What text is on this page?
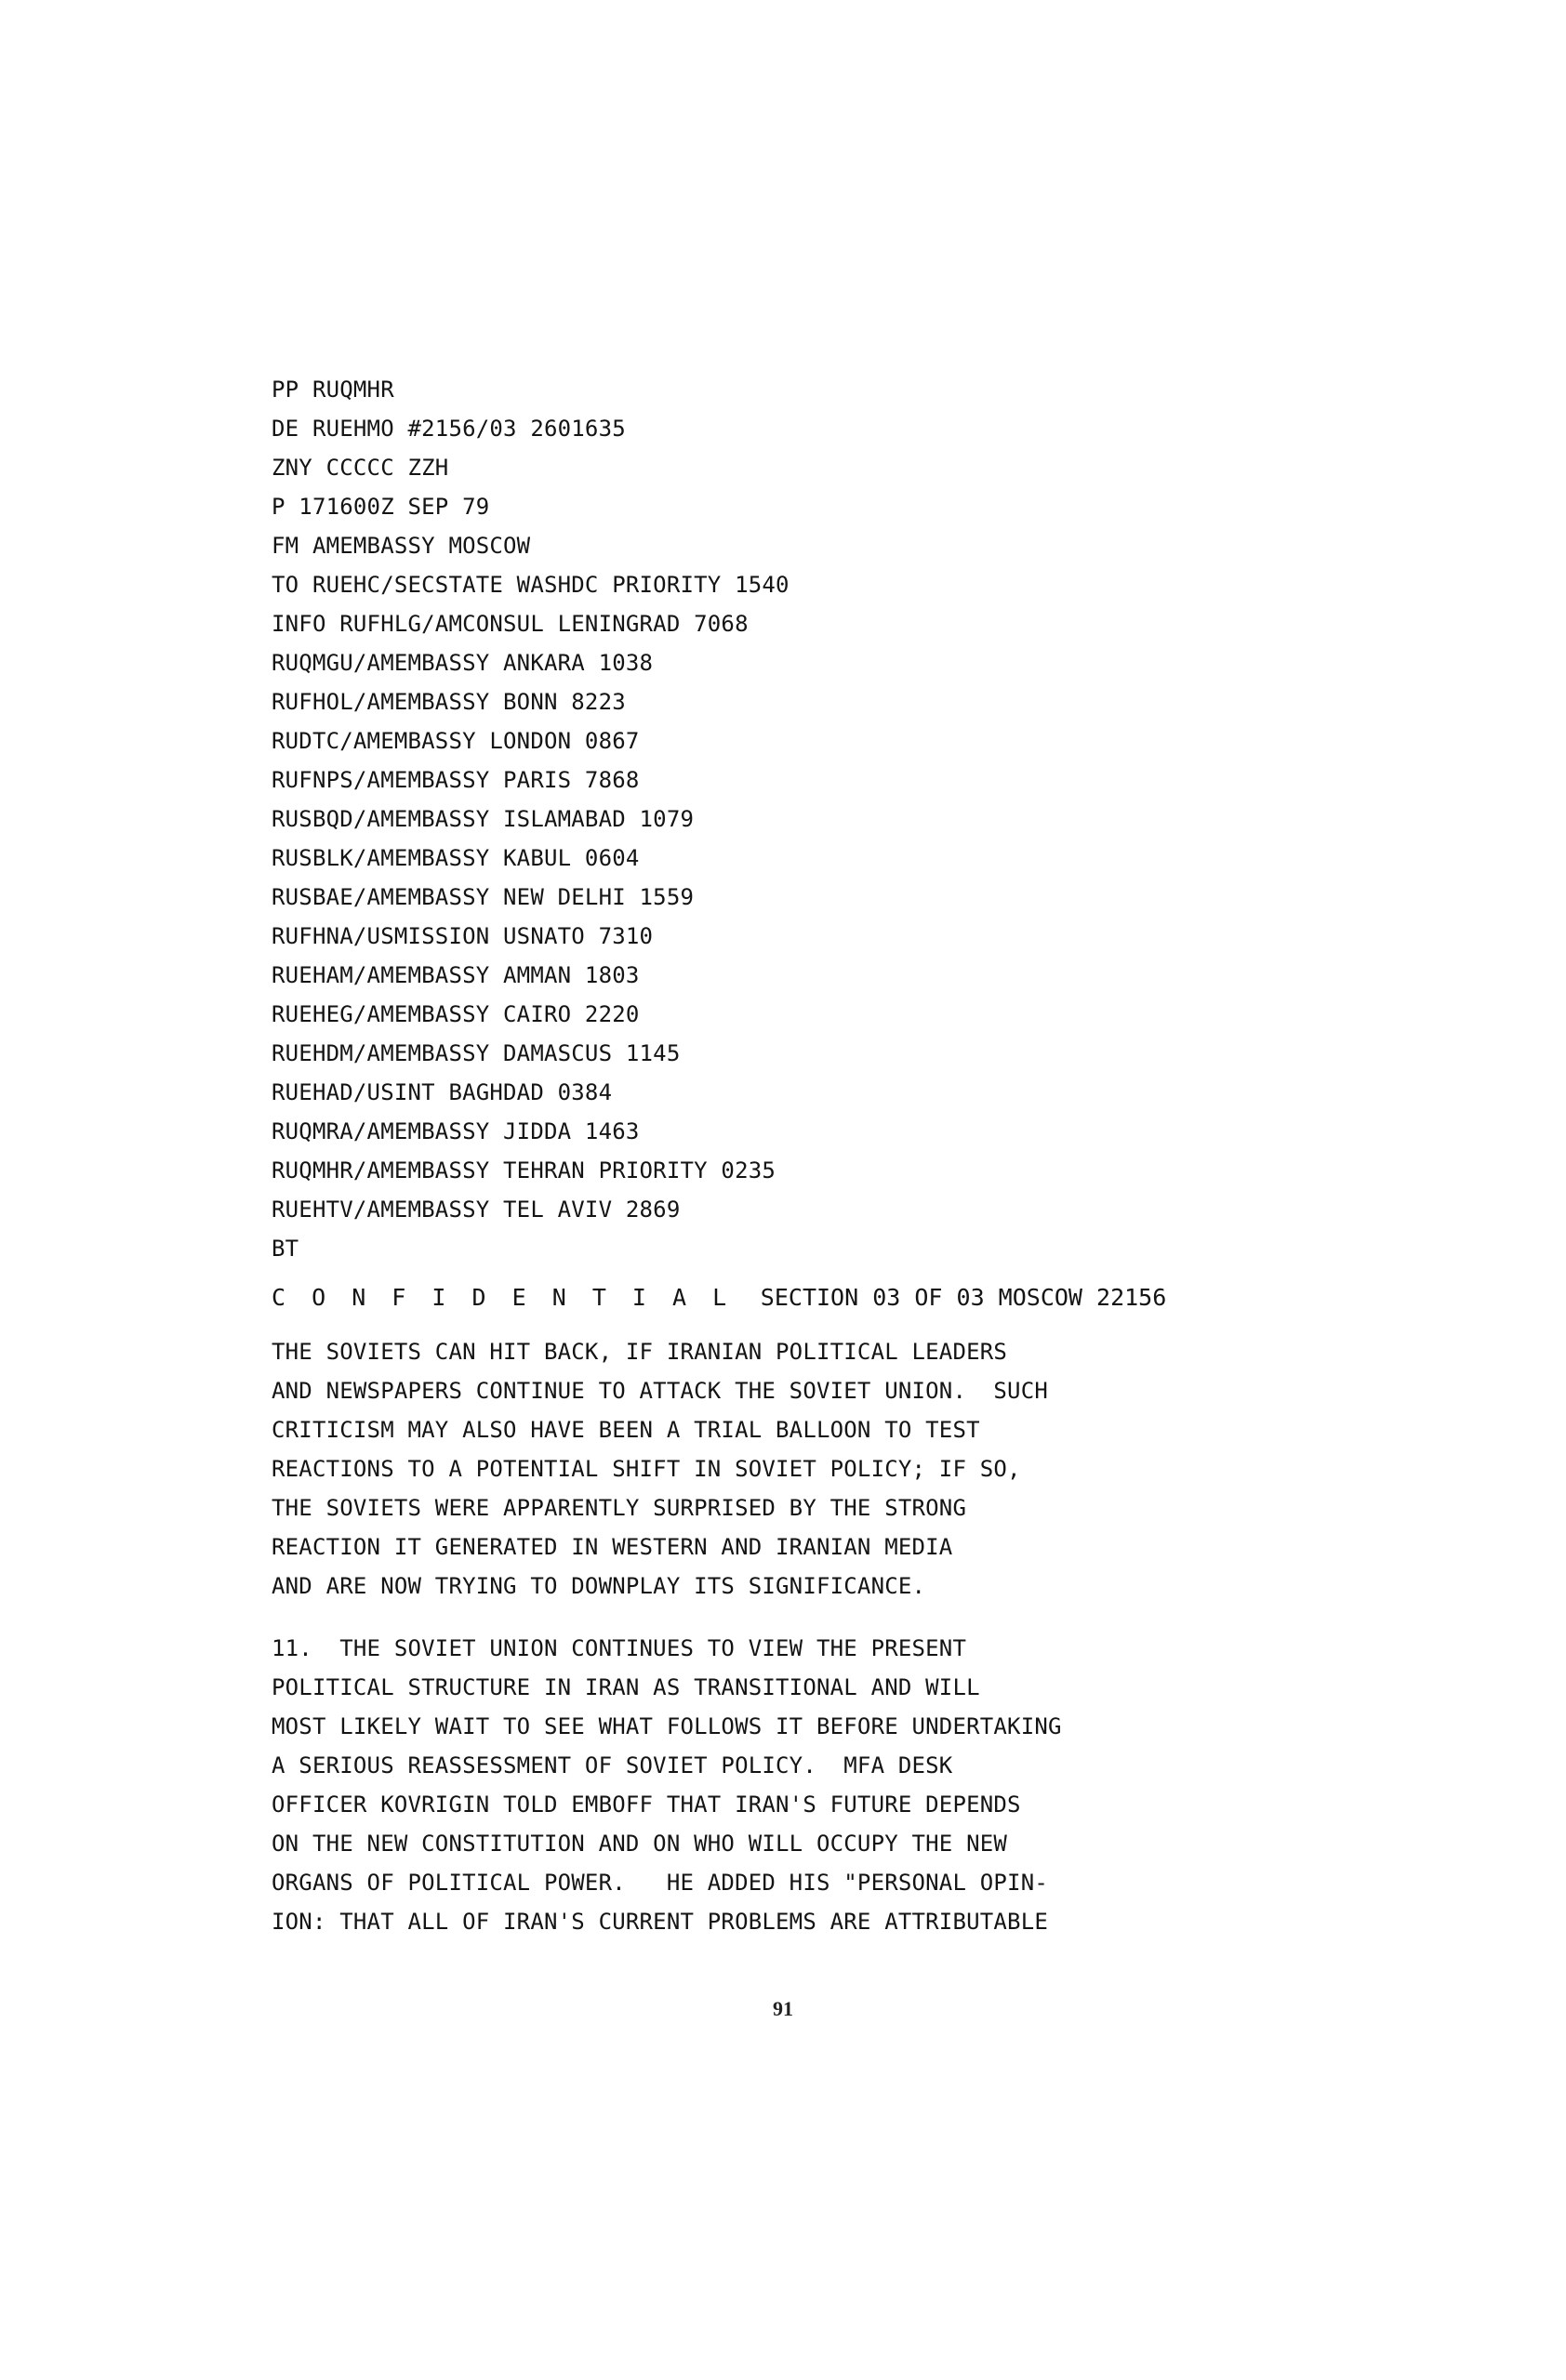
PP RUQMHR
DE RUEHMO #2156/03 2601635
ZNY CCCCC ZZH
P 171600Z SEP 79
FM AMEMBASSY MOSCOW
TO RUEHC/SECSTATE WASHDC PRIORITY 1540
INFO RUFHLG/AMCONSUL LENINGRAD 7068
RUQMGU/AMEMBASSY ANKARA 1038
RUFHOL/AMEMBASSY BONN 8223
RUDTC/AMEMBASSY LONDON 0867
RUFNPS/AMEMBASSY PARIS 7868
RUSBQD/AMEMBASSY ISLAMABAD 1079
RUSBLK/AMEMBASSY KABUL 0604
RUSBAE/AMEMBASSY NEW DELHI 1559
RUFHNA/USMISSION USNATO 7310
RUEHAM/AMEMBASSY AMMAN 1803
RUEHEG/AMEMBASSY CAIRO 2220
RUEHDM/AMEMBASSY DAMASCUS 1145
RUEHAD/USINT BAGHDAD 0384
RUQMRA/AMEMBASSY JIDDA 1463
RUQMHR/AMEMBASSY TEHRAN PRIORITY 0235
RUEHTV/AMEMBASSY TEL AVIV 2869
BT
C O N F I D E N T I A L SECTION 03 OF 03 MOSCOW 22156
THE SOVIETS CAN HIT BACK, IF IRANIAN POLITICAL LEADERS
AND NEWSPAPERS CONTINUE TO ATTACK THE SOVIET UNION.  SUCH
CRITICISM MAY ALSO HAVE BEEN A TRIAL BALLOON TO TEST
REACTIONS TO A POTENTIAL SHIFT IN SOVIET POLICY; IF SO,
THE SOVIETS WERE APPARENTLY SURPRISED BY THE STRONG
REACTION IT GENERATED IN WESTERN AND IRANIAN MEDIA
AND ARE NOW TRYING TO DOWNPLAY ITS SIGNIFICANCE.
11.  THE SOVIET UNION CONTINUES TO VIEW THE PRESENT
POLITICAL STRUCTURE IN IRAN AS TRANSITIONAL AND WILL
MOST LIKELY WAIT TO SEE WHAT FOLLOWS IT BEFORE UNDERTAKING
A SERIOUS REASSESSMENT OF SOVIET POLICY.  MFA DESK
OFFICER KOVRIGIN TOLD EMBOFF THAT IRAN'S FUTURE DEPENDS
ON THE NEW CONSTITUTION AND ON WHO WILL OCCUPY THE NEW
ORGANS OF POLITICAL POWER.   HE ADDED HIS "PERSONAL OPIN-
ION: THAT ALL OF IRAN'S CURRENT PROBLEMS ARE ATTRIBUTABLE
91
